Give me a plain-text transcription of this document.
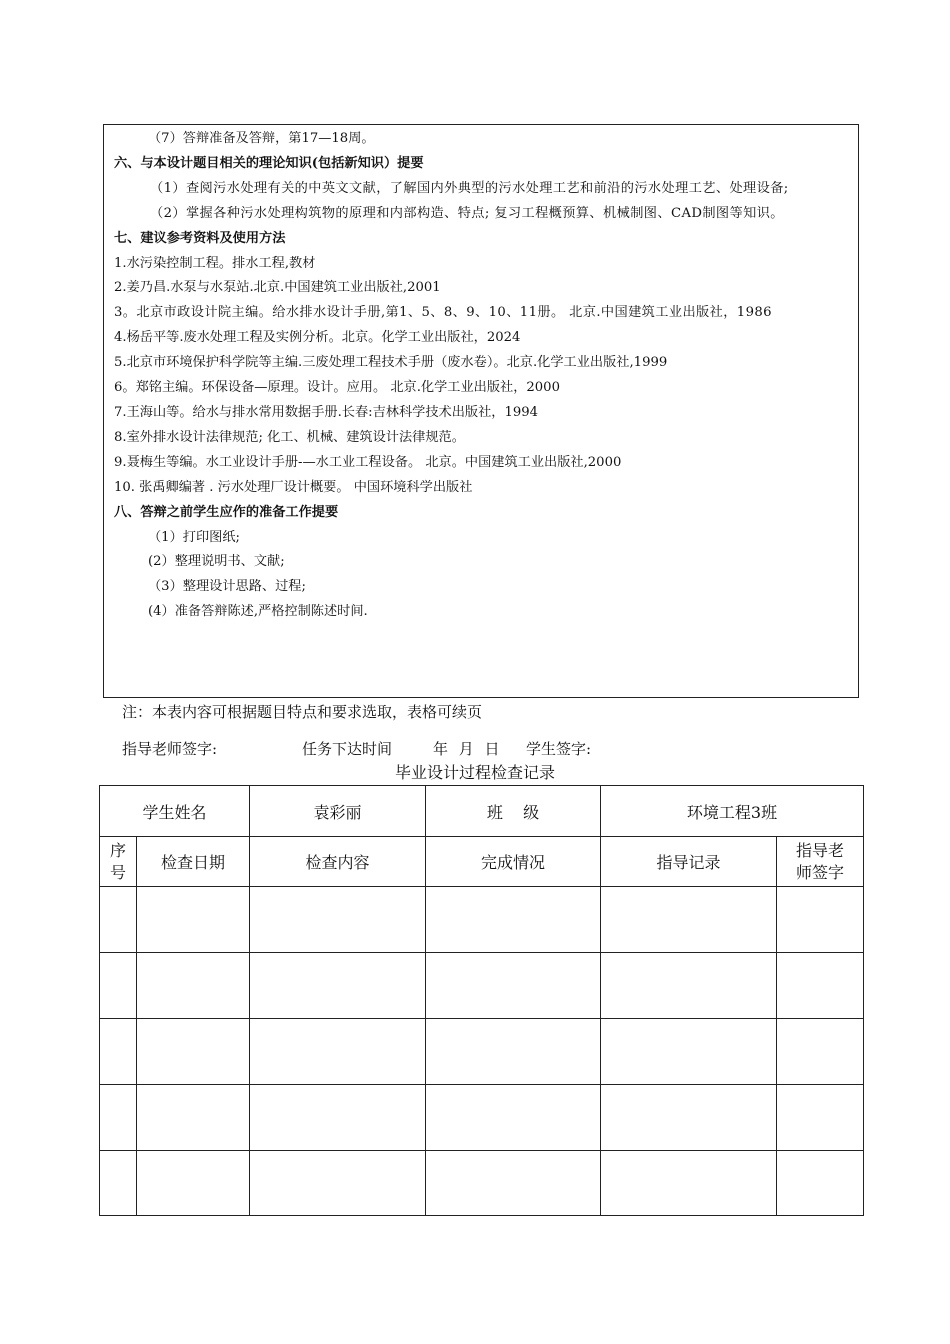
（7）答辩准备及答辩，第17—18周。
六、与本设计题目相关的理论知识(包括新知识）提要
（1）查阅污水处理有关的中英文文献，了解国内外典型的污水处理工艺和前沿的污水处理工艺、处理设备;
（2）掌握各种污水处理构筑物的原理和内部构造、特点; 复习工程概预算、机械制图、CAD制图等知识。
七、建议参考资料及使用方法
1.水污染控制工程。排水工程,教材
2.姜乃昌.水泵与水泵站.北京.中国建筑工业出版社,2001
3。北京市政设计院主编。给水排水设计手册,第1、5、8、9、10、11册。 北京.中国建筑工业出版社，1986
4.杨岳平等.废水处理工程及实例分析。北京。化学工业出版社，2024
5.北京市环境保护科学院等主编.三废处理工程技术手册（废水卷）。北京.化学工业出版社,1999
6。郑铭主编。环保设备—原理。设计。应用。 北京.化学工业出版社，2000
7.王海山等。给水与排水常用数据手册.长春:吉林科学技术出版社，1994
8.室外排水设计法律规范; 化工、机械、建筑设计法律规范。
9.聂梅生等编。水工业设计手册-—水工业工程设备。 北京。中国建筑工业出版社,2000
10. 张禹卿编著 . 污水处理厂设计概要。 中国环境科学出版社
八、答辩之前学生应作的准备工作提要
（1）打印图纸;
(2）整理说明书、文献;
（3）整理设计思路、过程;
(4）准备答辩陈述,严格控制陈述时间.
注：本表内容可根据题目特点和要求选取，表格可续页
指导老师签字:	任务下达时间	年 月 日 学生签字:
毕业设计过程检查记录
学生姓名		袁彩丽	班    级	环境工程3班	
序号	检查日期	检查内容	完成情况	指导记录	指导老师签字
